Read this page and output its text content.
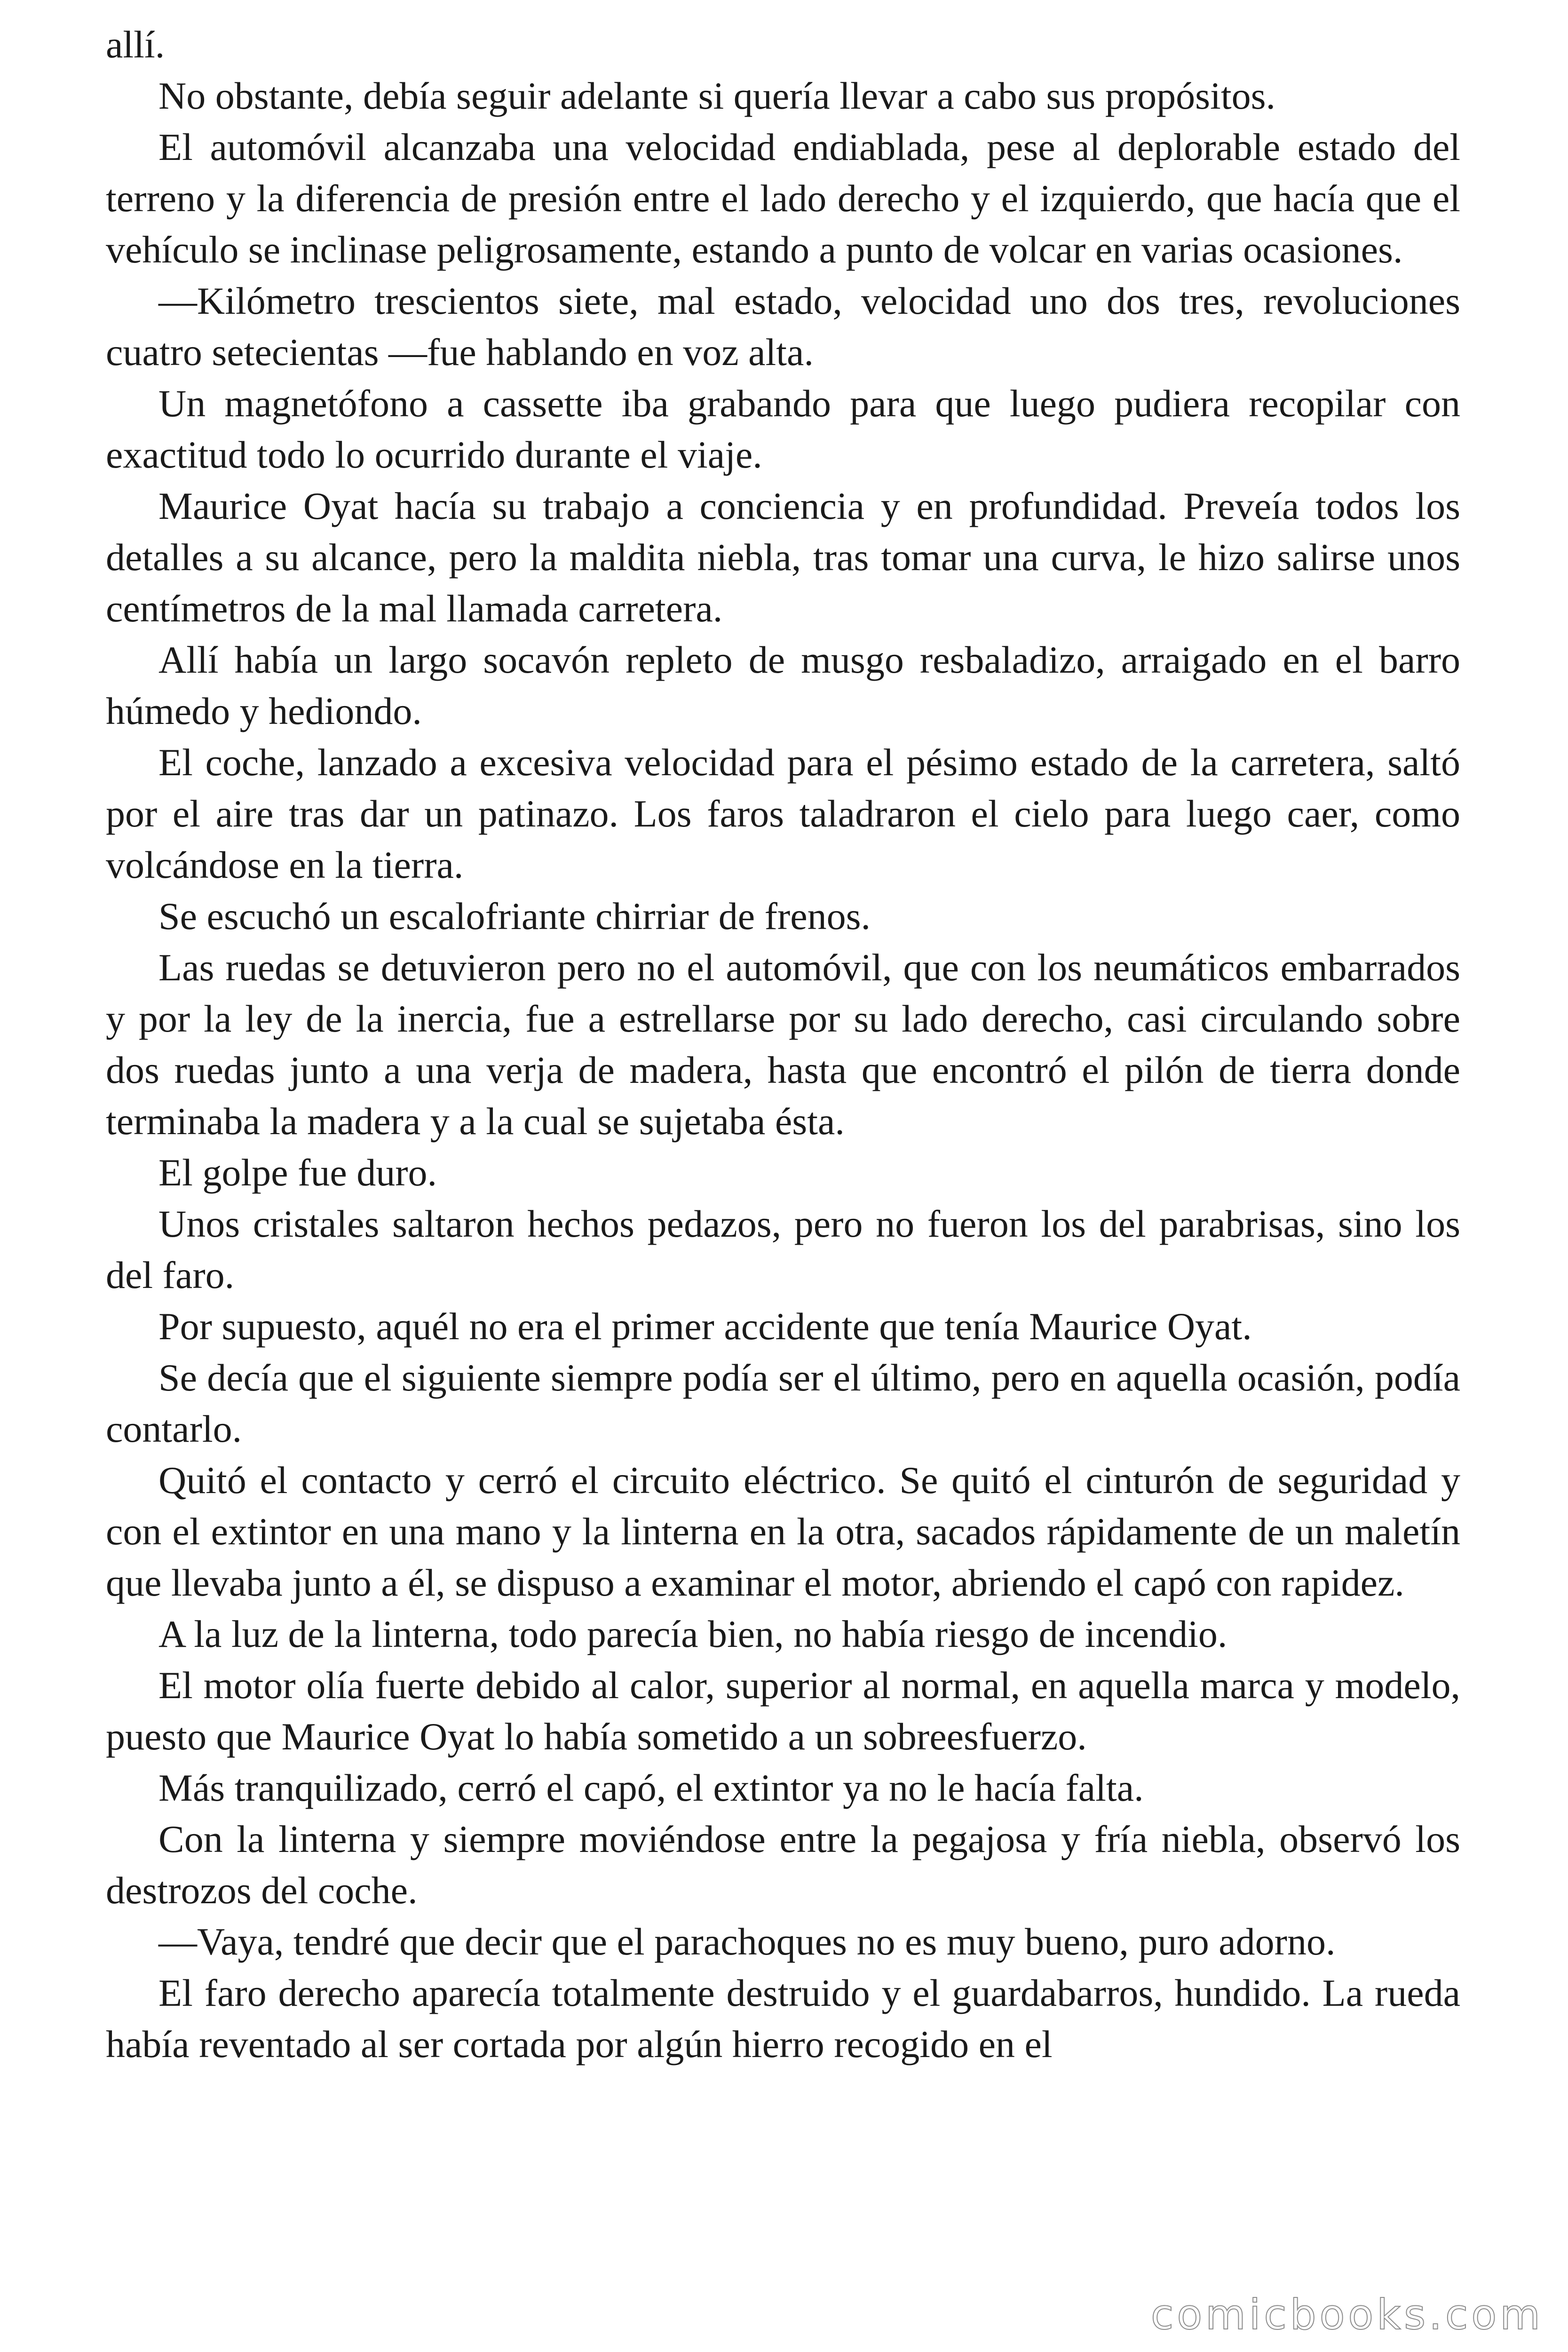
allí.

No obstante, debía seguir adelante si quería llevar a cabo sus propósitos.

El automóvil alcanzaba una velocidad endiablada, pese al deplorable estado del terreno y la diferencia de presión entre el lado derecho y el izquierdo, que hacía que el vehículo se inclinase peligrosamente, estando a punto de volcar en varias ocasiones.

—Kilómetro trescientos siete, mal estado, velocidad uno dos tres, revoluciones cuatro setecientas —fue hablando en voz alta.

Un magnetófono a cassette iba grabando para que luego pudiera recopilar con exactitud todo lo ocurrido durante el viaje.

Maurice Oyat hacía su trabajo a conciencia y en profundidad. Preveía todos los detalles a su alcance, pero la maldita niebla, tras tomar una curva, le hizo salirse unos centímetros de la mal llamada carretera.

Allí había un largo socavón repleto de musgo resbaladizo, arraigado en el barro húmedo y hediondo.

El coche, lanzado a excesiva velocidad para el pésimo estado de la carretera, saltó por el aire tras dar un patinazo. Los faros taladraron el cielo para luego caer, como volcándose en la tierra.

Se escuchó un escalofriante chirriar de frenos.

Las ruedas se detuvieron pero no el automóvil, que con los neumáticos embarrados y por la ley de la inercia, fue a estrellarse por su lado derecho, casi circulando sobre dos ruedas junto a una verja de madera, hasta que encontró el pilón de tierra donde terminaba la madera y a la cual se sujetaba ésta.

El golpe fue duro.

Unos cristales saltaron hechos pedazos, pero no fueron los del parabrisas, sino los del faro.

Por supuesto, aquél no era el primer accidente que tenía Maurice Oyat.

Se decía que el siguiente siempre podía ser el último, pero en aquella ocasión, podía contarlo.

Quitó el contacto y cerró el circuito eléctrico. Se quitó el cinturón de seguridad y con el extintor en una mano y la linterna en la otra, sacados rápidamente de un maletín que llevaba junto a él, se dispuso a examinar el motor, abriendo el capó con rapidez.

A la luz de la linterna, todo parecía bien, no había riesgo de incendio.

El motor olía fuerte debido al calor, superior al normal, en aquella marca y modelo, puesto que Maurice Oyat lo había sometido a un sobreesfuerzo.

Más tranquilizado, cerró el capó, el extintor ya no le hacía falta.

Con la linterna y siempre moviéndose entre la pegajosa y fría niebla, observó los destrozos del coche.

—Vaya, tendré que decir que el parachoques no es muy bueno, puro adorno.

El faro derecho aparecía totalmente destruido y el guardabarros, hundido. La rueda había reventado al ser cortada por algún hierro recogido en el

comicbooks.com
